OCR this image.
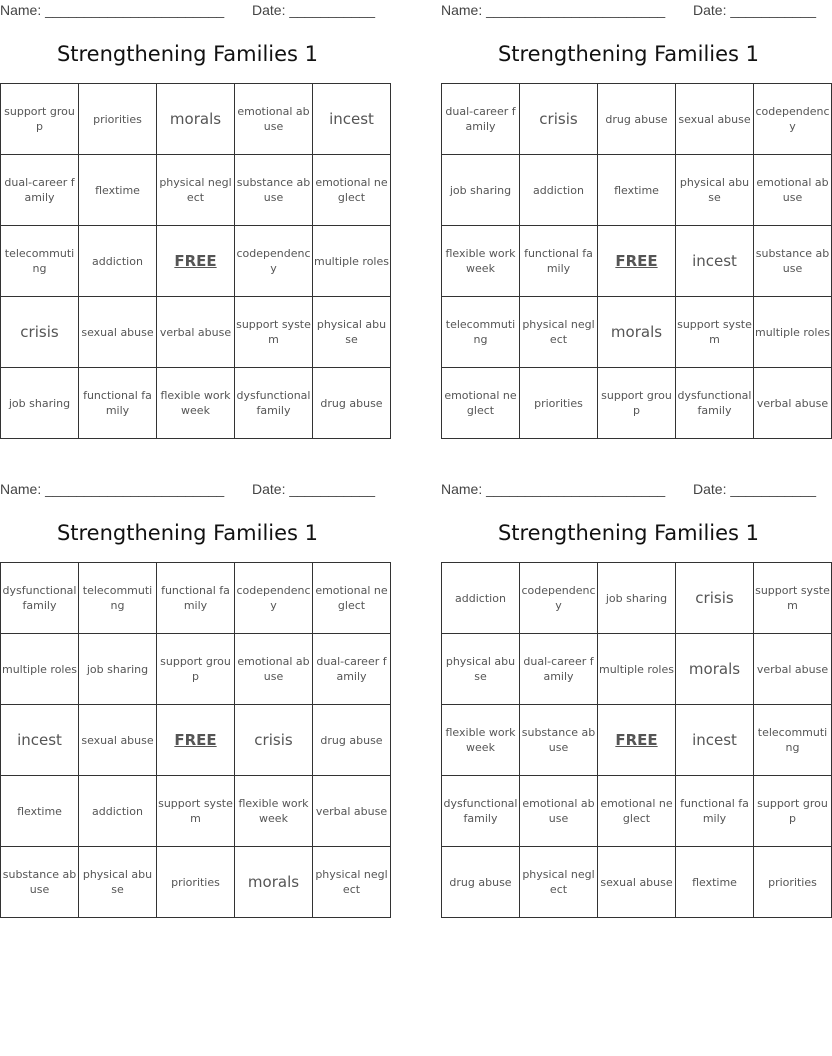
Name: _______________________ Date: ___________
Strengthening Families 1
support group	priorities	morals	emotional abuse	incest
dual-career family	flextime	physical neglect	substance abuse	emotional neglect
telecommuting	addiction	FREE	codependency	multiple roles
crisis	sexual abuse	verbal abuse	support system	physical abuse
job sharing	functional family	flexible work week	dysfunctional family	drug abuse
Name: _______________________ Date: ___________
Strengthening Families 1
dual-career family	crisis	drug abuse	sexual abuse	codependency
job sharing	addiction	flextime	physical abuse	emotional abuse
flexible work week	functional family	FREE	incest	substance abuse
telecommuting	physical neglect	morals	support system	multiple roles
emotional neglect	priorities	support group	dysfunctional family	verbal abuse
Name: _______________________ Date: ___________
Strengthening Families 1
dysfunctional family	telecommuting	functional family	codependency	emotional neglect
multiple roles	job sharing	support group	emotional abuse	dual-career family
incest	sexual abuse	FREE	crisis	drug abuse
flextime	addiction	support system	flexible work week	verbal abuse
substance abuse	physical abuse	priorities	morals	physical neglect
Name: _______________________ Date: ___________
Strengthening Families 1
addiction	codependency	job sharing	crisis	support system
physical abuse	dual-career family	multiple roles	morals	verbal abuse
flexible work week	substance abuse	FREE	incest	telecommuting
dysfunctional family	emotional abuse	emotional neglect	functional family	support group
drug abuse	physical neglect	sexual abuse	flextime	priorities
